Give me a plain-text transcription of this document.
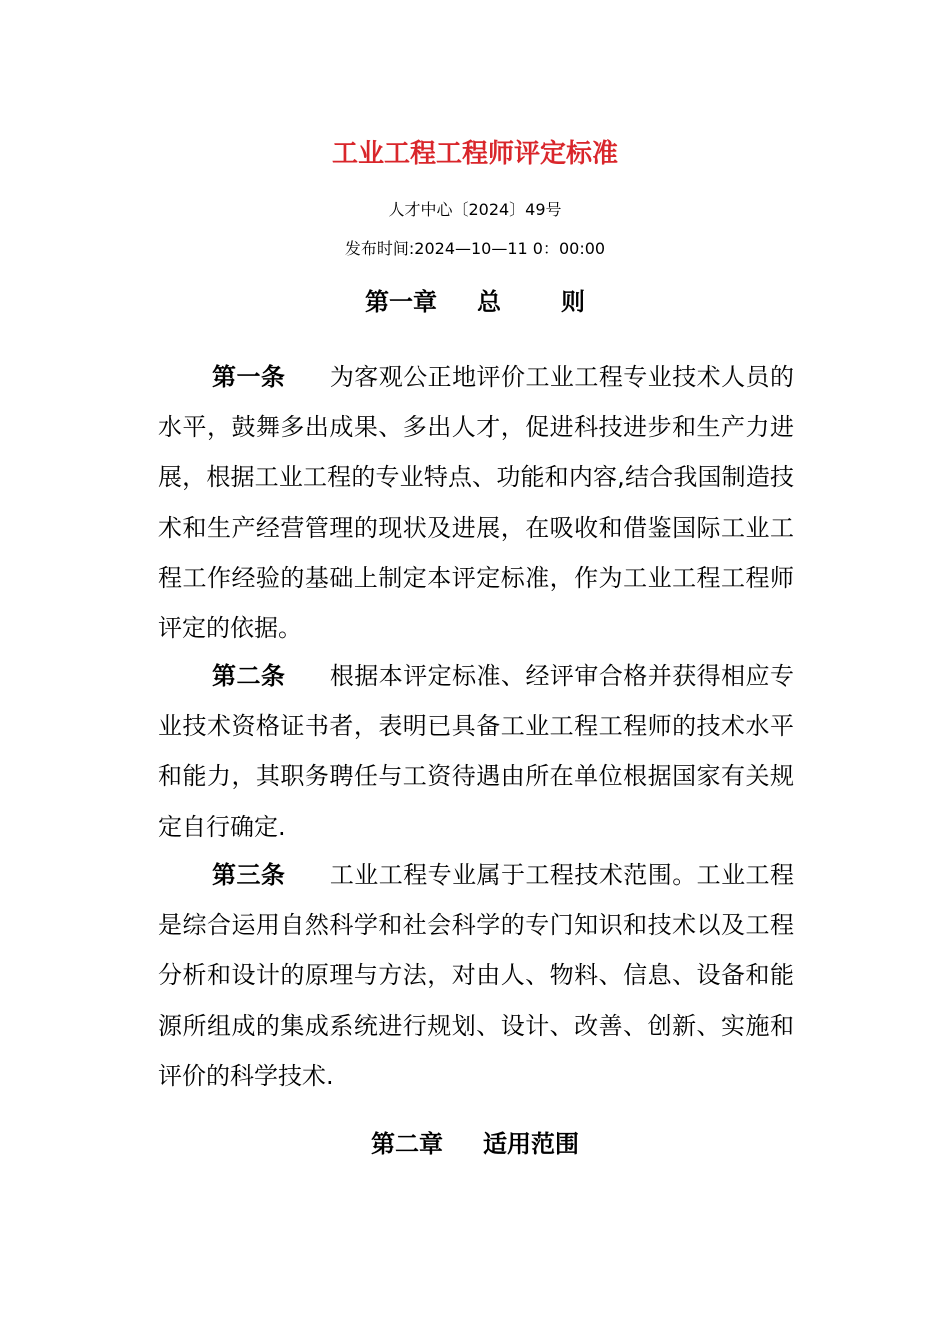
工业工程工程师评定标准
人才中心〔2024〕49号
发布时间:2024—10—11 0：00:00
第一章 总则
第一条 为客观公正地评价工业工程专业技术人员的水平，鼓舞多出成果、多出人才，促进科技进步和生产力进展，根据工业工程的专业特点、功能和内容,结合我国制造技术和生产经营管理的现状及进展，在吸收和借鉴国际工业工程工作经验的基础上制定本评定标准，作为工业工程工程师评定的依据。
第二条 根据本评定标准、经评审合格并获得相应专业技术资格证书者，表明已具备工业工程工程师的技术水平和能力，其职务聘任与工资待遇由所在单位根据国家有关规定自行确定.
第三条 工业工程专业属于工程技术范围。工业工程是综合运用自然科学和社会科学的专门知识和技术以及工程分析和设计的原理与方法，对由人、物料、信息、设备和能源所组成的集成系统进行规划、设计、改善、创新、实施和评价的科学技术.
第二章 适用范围
